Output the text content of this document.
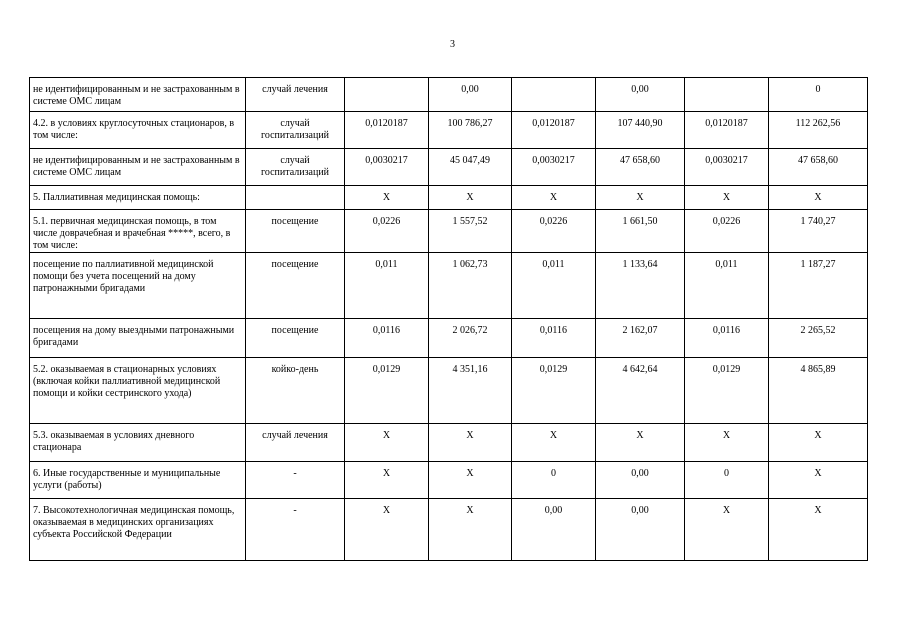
3
не идентифицированным и не застрахованным в системе ОМС лицам	случай лечения		0,00		0,00		0
4.2. в условиях круглосуточных стационаров, в том числе:	случай госпитализаций	0,0120187	100 786,27	0,0120187	107 440,90	0,0120187	112 262,56
не идентифицированным и не застрахованным в системе ОМС лицам	случай госпитализаций	0,0030217	45 047,49	0,0030217	47 658,60	0,0030217	47 658,60
5. Паллиативная медицинская помощь:		X	X	X	X	X	X
5.1. первичная медицинская помощь, в том числе доврачебная и врачебная *****, всего, в том числе:	посещение	0,0226	1 557,52	0,0226	1 661,50	0,0226	1 740,27
посещение по паллиативной медицинской помощи без учета посещений на дому патронажными бригадами	посещение	0,011	1 062,73	0,011	1 133,64	0,011	1 187,27
посещения на дому выездными патронажными бригадами	посещение	0,0116	2 026,72	0,0116	2 162,07	0,0116	2 265,52
5.2. оказываемая в стационарных условиях (включая койки паллиативной медицинской помощи и койки сестринского ухода)	койко-день	0,0129	4 351,16	0,0129	4 642,64	0,0129	4 865,89
5.3. оказываемая в условиях дневного стационара	случай лечения	X	X	X	X	X	X
6. Иные государственные и муниципальные услуги (работы)	-	X	X	0	0,00	0	X
7. Высокотехнологичная медицинская помощь, оказываемая в медицинских организациях субъекта Российской Федерации	-	X	X	0,00	0,00	X	X
